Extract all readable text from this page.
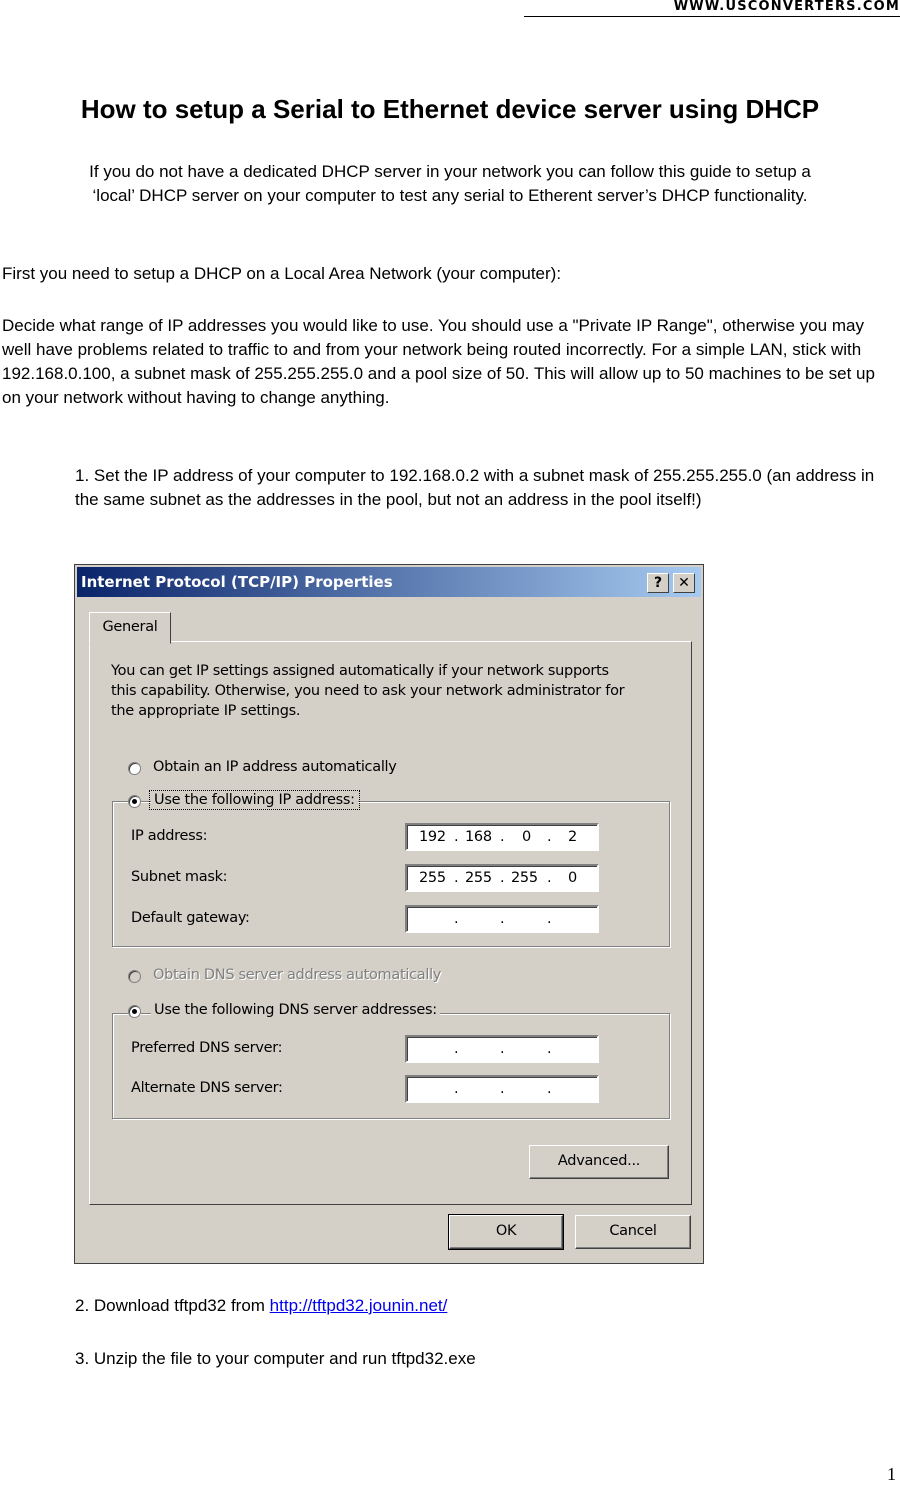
WWW.USCONVERTERS.COM
How to setup a Serial to Ethernet device server using DHCP
If you do not have a dedicated DHCP server in your network you can follow this guide to setup a
‘local’ DHCP server on your computer to test any serial to Etherent server’s DHCP functionality.
First you need to setup a DHCP on a Local Area Network (your computer):
Decide what range of IP addresses you would like to use. You should use a "Private IP Range", otherwise you may well have problems related to traffic to and from your network being routed incorrectly. For a simple LAN, stick with 192.168.0.100, a subnet mask of 255.255.255.0 and a pool size of 50. This will allow up to 50 machines to be set up on your network without having to change anything.
1. Set the IP address of your computer to 192.168.0.2 with a subnet mask of 255.255.255.0 (an address in the same subnet as the addresses in the pool, but not an address in the pool itself!)
Internet Protocol (TCP/IP) Properties	?	✕
General
You can get IP settings assigned automatically if your network supports
this capability. Otherwise, you need to ask your network administrator for
the appropriate IP settings.
Obtain an IP address automatically
Use the following IP address:
IP address:	192 . 168 . 0 . 2
Subnet mask:	255 . 255 . 255 . 0
Default gateway:	.	.	.
Obtain DNS server address automatically
Use the following DNS server addresses:
Preferred DNS server:	.	.	.
Alternate DNS server:	.	.	.
Advanced...
OK	Cancel
2. Download tftpd32 from http://tftpd32.jounin.net/
3. Unzip the file to your computer and run tftpd32.exe
1
